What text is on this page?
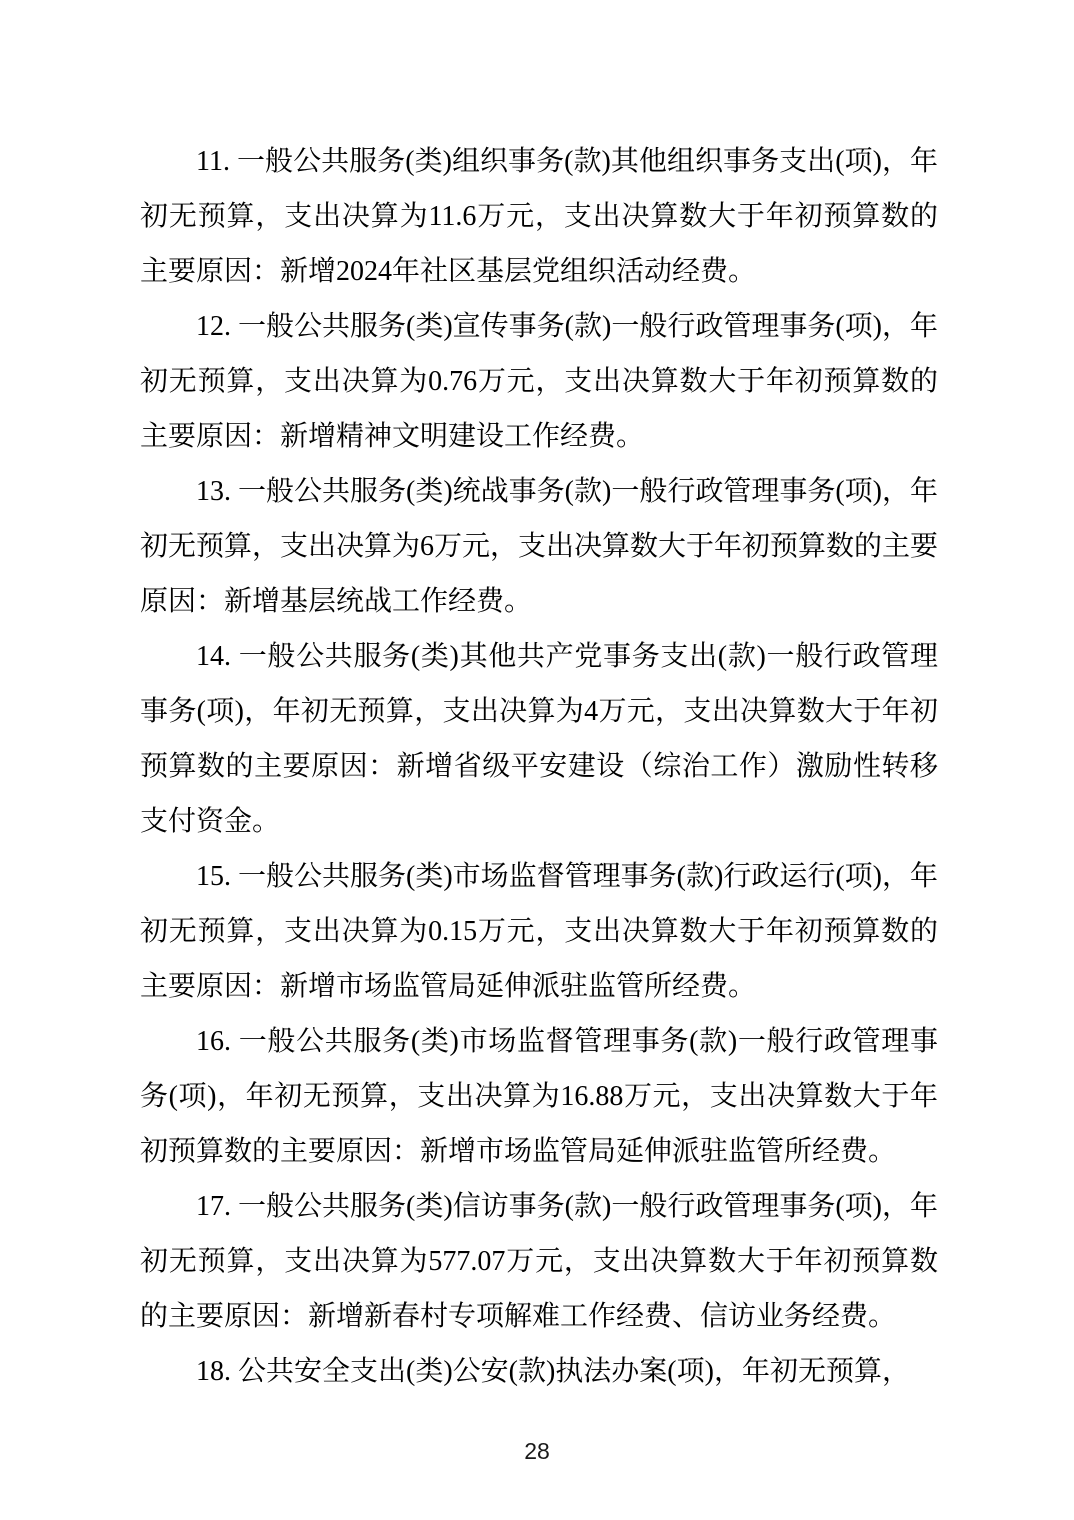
11. 一般公共服务(类)组织事务(款)其他组织事务支出(项)，年初无预算，支出决算为11.6万元，支出决算数大于年初预算数的主要原因：新增2024年社区基层党组织活动经费。

12. 一般公共服务(类)宣传事务(款)一般行政管理事务(项)，年初无预算，支出决算为0.76万元，支出决算数大于年初预算数的主要原因：新增精神文明建设工作经费。

13. 一般公共服务(类)统战事务(款)一般行政管理事务(项)，年初无预算，支出决算为6万元，支出决算数大于年初预算数的主要原因：新增基层统战工作经费。

14. 一般公共服务(类)其他共产党事务支出(款)一般行政管理事务(项)，年初无预算，支出决算为4万元，支出决算数大于年初预算数的主要原因：新增省级平安建设（综治工作）激励性转移支付资金。

15. 一般公共服务(类)市场监督管理事务(款)行政运行(项)，年初无预算，支出决算为0.15万元，支出决算数大于年初预算数的主要原因：新增市场监管局延伸派驻监管所经费。

16. 一般公共服务(类)市场监督管理事务(款)一般行政管理事务(项)，年初无预算，支出决算为16.88万元，支出决算数大于年初预算数的主要原因：新增市场监管局延伸派驻监管所经费。

17. 一般公共服务(类)信访事务(款)一般行政管理事务(项)，年初无预算，支出决算为577.07万元，支出决算数大于年初预算数的主要原因：新增新春村专项解难工作经费、信访业务经费。

18. 公共安全支出(类)公安(款)执法办案(项)，年初无预算，

28
